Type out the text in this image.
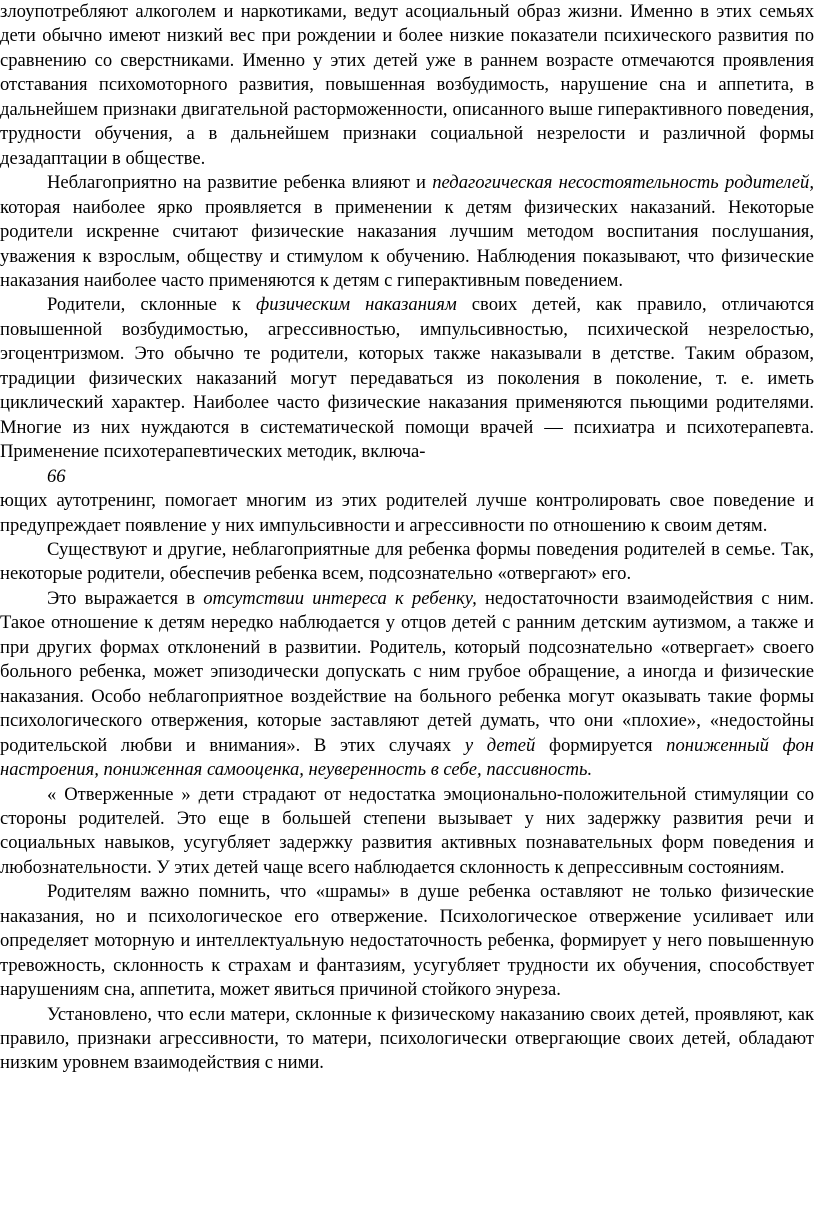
злоупотребляют алкоголем и наркотиками, ведут асоциальный образ жизни. Именно в этих семьях дети обычно имеют низкий вес при рождении и более низкие показатели психического развития по сравнению со сверстниками. Именно у этих детей уже в раннем возрасте отмечаются проявления отставания психомоторного развития, повышенная возбудимость, нарушение сна и аппетита, в дальнейшем признаки двигательной расторможенности, описанного выше гиперактивного поведения, трудности обучения, а в дальнейшем признаки социальной незрелости и различной формы дезадаптации в обществе.

Неблагоприятно на развитие ребенка влияют и педагогическая несостоятельность родителей, которая наиболее ярко проявляется в применении к детям физических наказаний. Некоторые родители искренне считают физические наказания лучшим методом воспитания послушания, уважения к взрослым, обществу и стимулом к обучению. Наблюдения показывают, что физические наказания наиболее часто применяются к детям с гиперактивным поведением.

Родители, склонные к физическим наказаниям своих детей, как правило, отличаются повышенной возбудимостью, агрессивностью, импульсивностью, психической незрелостью, эгоцентризмом. Это обычно те родители, которых также наказывали в детстве. Таким образом, традиции физических наказаний могут передаваться из поколения в поколение, т. е. иметь циклический характер. Наиболее часто физические наказания применяются пьющими родителями. Многие из них нуждаются в систематической помощи врачей — психиатра и психотерапевта. Применение психотерапевтических методик, включа-

66

ющих аутотренинг, помогает многим из этих родителей лучше контролировать свое поведение и предупреждает появление у них импульсивности и агрессивности по отношению к своим детям.

Существуют и другие, неблагоприятные для ребенка формы поведения родителей в семье. Так, некоторые родители, обеспечив ребенка всем, подсознательно «отвергают» его.

Это выражается в отсутствии интереса к ребенку, недостаточности взаимодействия с ним. Такое отношение к детям нередко наблюдается у отцов детей с ранним детским аутизмом, а также и при других формах отклонений в развитии. Родитель, который подсознательно «отвергает» своего больного ребенка, может эпизодически допускать с ним грубое обращение, а иногда и физические наказания. Особо неблагоприятное воздействие на больного ребенка могут оказывать такие формы психологического отвержения, которые заставляют детей думать, что они «плохие», «недостойны родительской любви и внимания». В этих случаях у детей формируется пониженный фон настроения, пониженная самооценка, неуверенность в себе, пассивность.

« Отверженные » дети страдают от недостатка эмоционально-положительной стимуляции со стороны родителей. Это еще в большей степени вызывает у них задержку развития речи и социальных навыков, усугубляет задержку развития активных познавательных форм поведения и любознательности. У этих детей чаще всего наблюдается склонность к депрессивным состояниям.

Родителям важно помнить, что «шрамы» в душе ребенка оставляют не только физические наказания, но и психологическое его отвержение. Психологическое отвержение усиливает или определяет моторную и интеллектуальную недостаточность ребенка, формирует у него повышенную тревожность, склонность к страхам и фантазиям, усугубляет трудности их обучения, способствует нарушениям сна, аппетита, может явиться причиной стойкого энуреза.

Установлено, что если матери, склонные к физическому наказанию своих детей, проявляют, как правило, признаки агрессивности, то матери, психологически отвергающие своих детей, обладают низким уровнем взаимодействия с ними.
